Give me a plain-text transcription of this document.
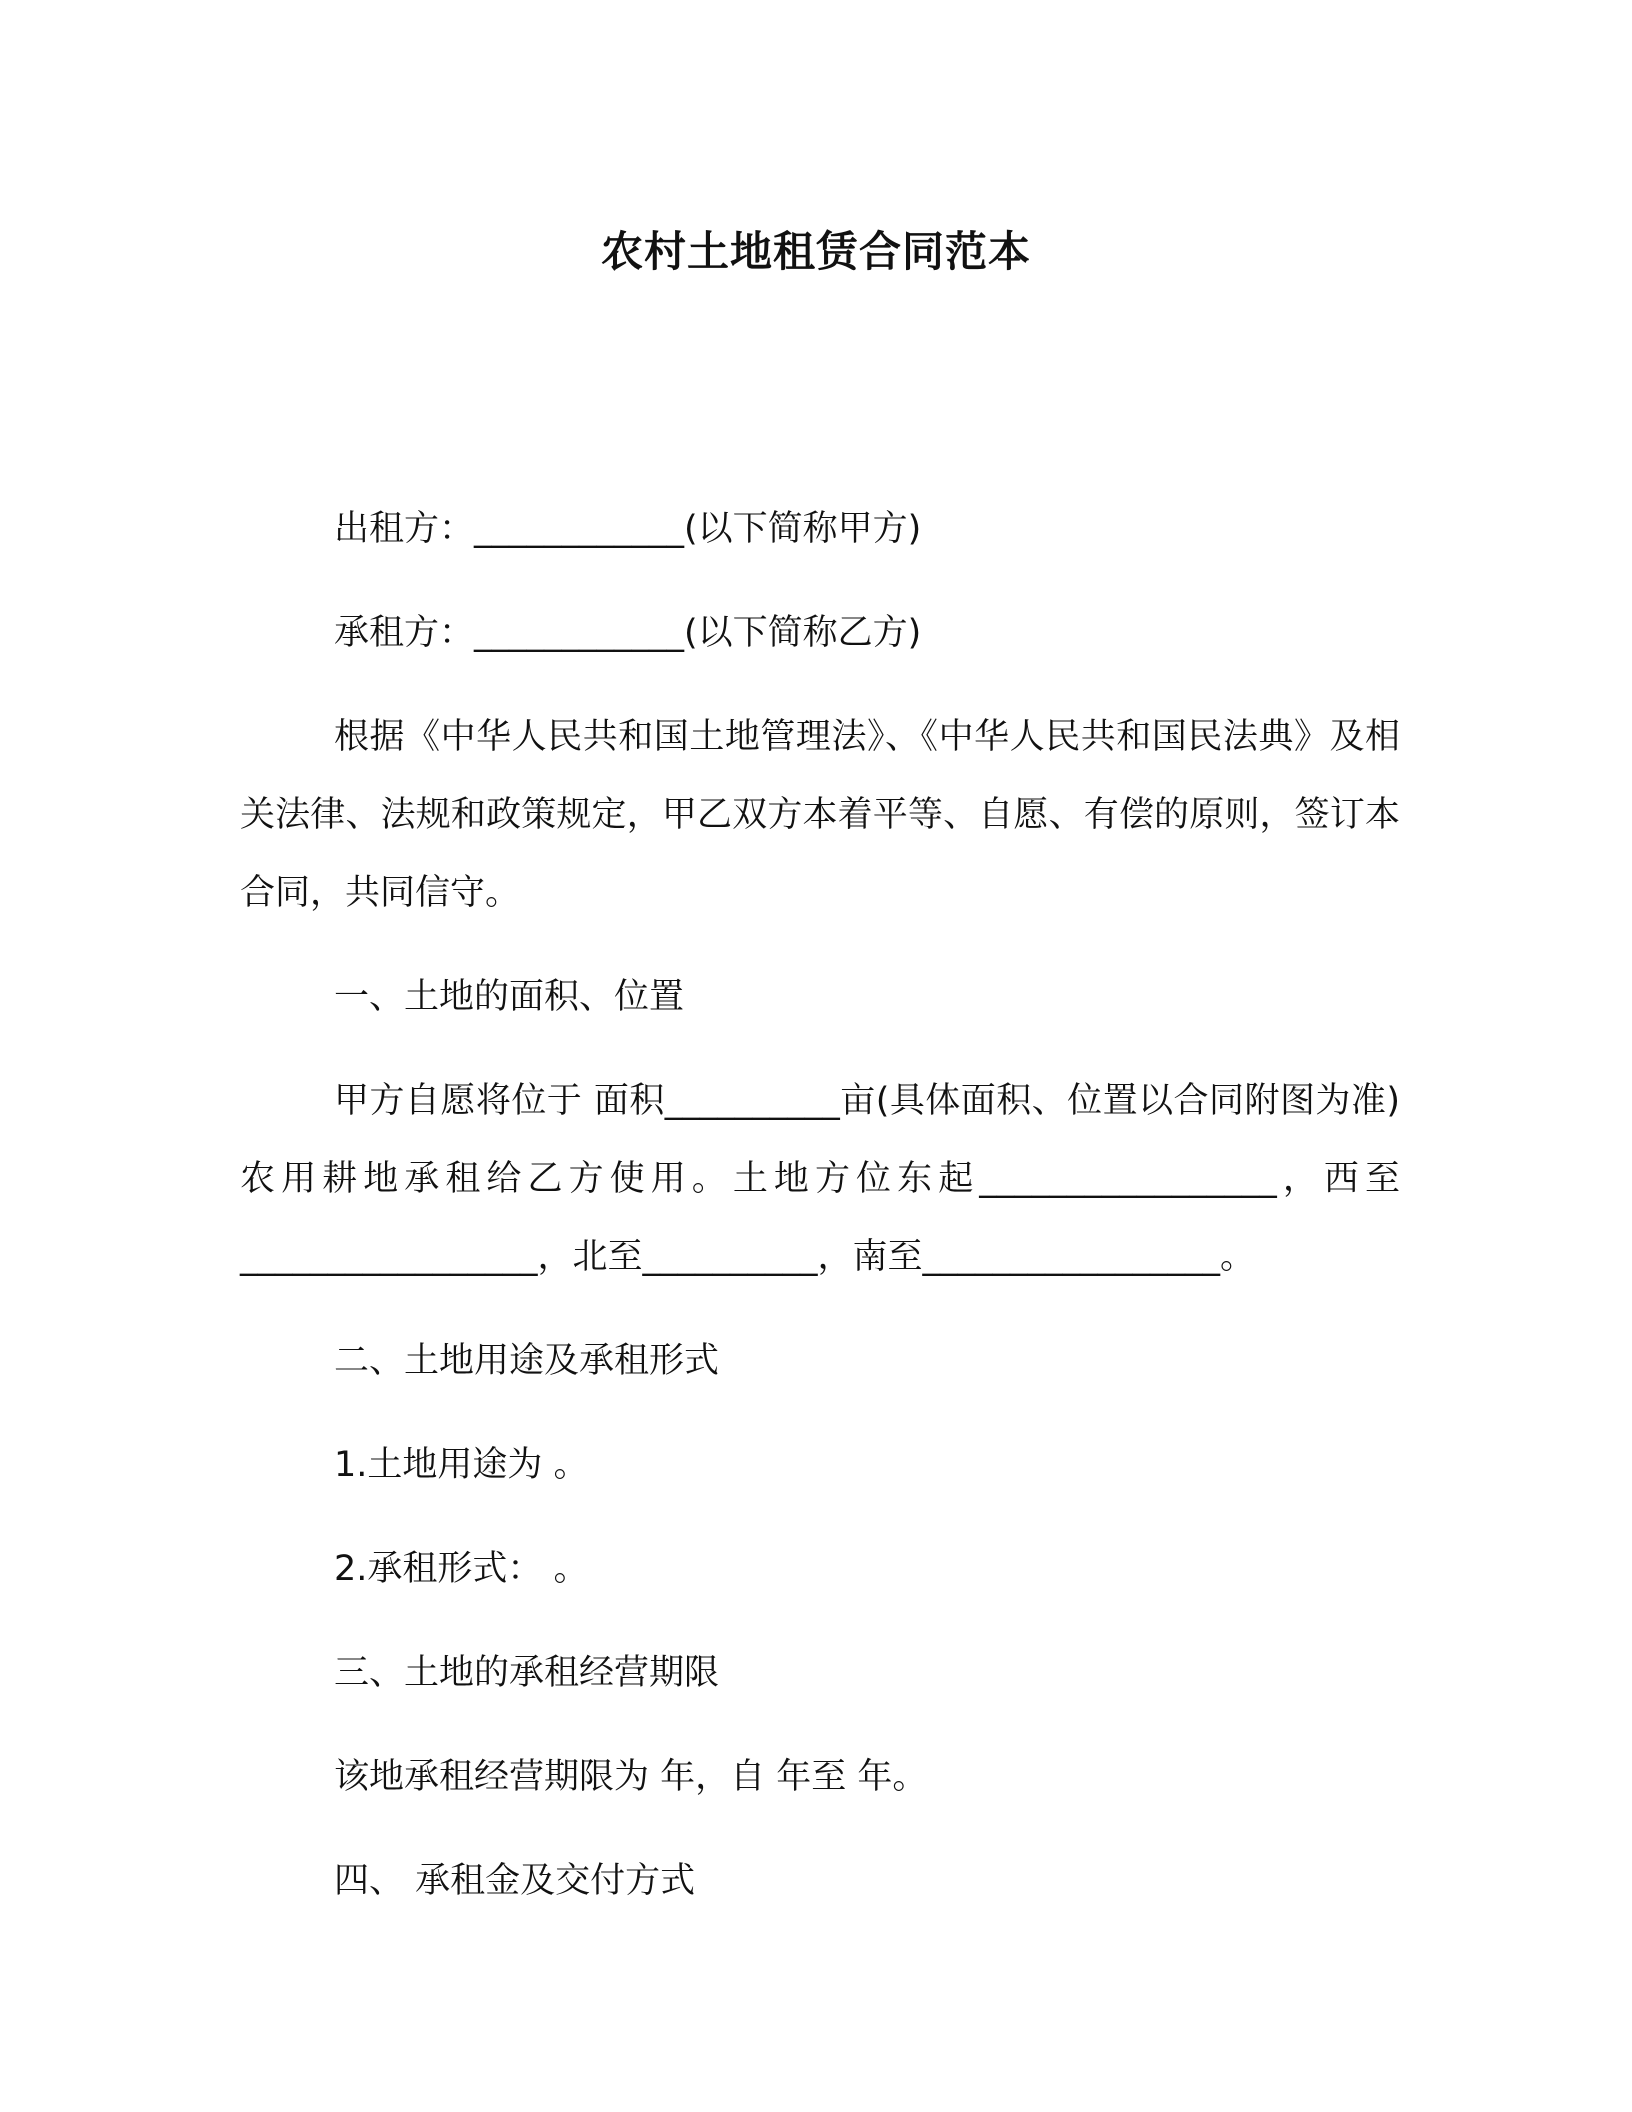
农村土地租赁合同范本

出租方：____________(以下简称甲方)

承租方：____________(以下简称乙方)

根据《中华人民共和国土地管理法》、《中华人民共和国民法典》及相关法律、法规和政策规定，甲乙双方本着平等、自愿、有偿的原则，签订本合同，共同信守。

一、土地的面积、位置

甲方自愿将位于 面积__________亩(具体面积、位置以合同附图为准)农用耕地承租给乙方使用。土地方位东起_________________，西至_________________，北至__________，南至_________________。

二、土地用途及承租形式

1.土地用途为 。

2.承租形式： 。

三、土地的承租经营期限

该地承租经营期限为 年，自 年至 年。

四、 承租金及交付方式
